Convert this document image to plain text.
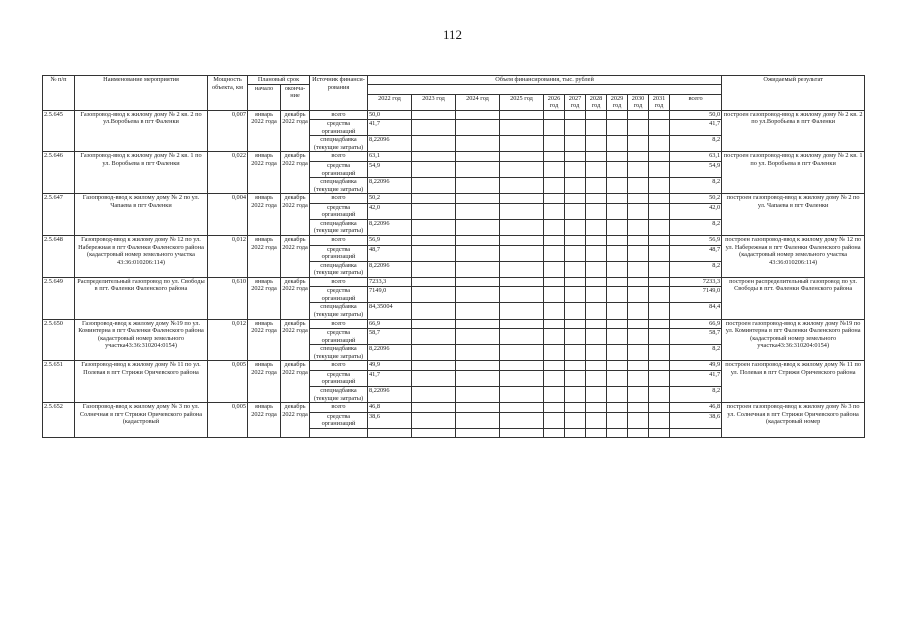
112
№ п/п	Наименование мероприятия	Мощность объекта, км	Плановый срок		Источник финанси-рования	Объем финансирования, тыс. рублей											Ожидаемый результат
			начало	оконча-ние													
						2022 год	2023 год	2024 год	2025 год	2026 год	2027 год	2028 год	2029 год	2030 год	2031 год	всего	
2.5.645	Газопровод-ввод к жилому дому № 2 кв. 2 по ул.Воробьева в пгт Фаленки	0,007	январь 2022 года	декабрь 2022 года	всего	50,0										50,0	построен газопровод-ввод к жилому дому № 2 кв. 2 по ул.Воробьева в пгт Фаленки
					средства организаций	41,7										41,7	
					спецнадбавка (текущие затраты)	8,22096										8,2	
2.5.646	Газопровод-ввод к жилому дому № 2 кв. 1 по ул. Воробьева в пгт Фаленки	0,022	январь 2022 года	декабрь 2022 года	всего	63,1										63,1	построен газопровод-ввод к жилому дому № 2 кв. 1 по ул. Воробьева в пгт Фаленки
					средства организаций	54,9										54,9	
					спецнадбавка (текущие затраты)	8,22096										8,2	
2.5.647	Газопровод-ввод к жилому дому № 2 по ул. Чапаева в пгт Фаленки	0,004	январь 2022 года	декабрь 2022 года	всего	50,2										50,2	построен газопровод-ввод к жилому дому № 2 по ул. Чапаева в пгт Фаленки
					средства организаций	42,0										42,0	
					спецнадбавка (текущие затраты)	8,22096										8,2	
2.5.648	Газопровод-ввод к жилому дому № 12 по ул. Набережная в пгт Фаленки Фаленского района (кадастровый номер земельного участка 43:36:010206:114)	0,012	январь 2022 года	декабрь 2022 года	всего	56,9										56,9	построен газопровод-ввод к жилому дому № 12 по ул. Набережная в пгт Фаленки Фаленского района (кадастровый номер земельного участка 43:36:010206:114)
					средства организаций	48,7										48,7	
					спецнадбавка (текущие затраты)	8,22096										8,2	
2.5.649	Распределительный газопровод по ул. Свободы в пгт. Фаленки Фаленского района	0,610	январь 2022 года	декабрь 2022 года	всего	7233,3										7233,3	построен распределительный газопровод по ул. Свободы в пгт. Фаленки Фаленского района
					средства организаций	7149,0										7149,0	
					спецнадбавка (текущие затраты)	84,35004										84,4	
2.5.650	Газопровод-ввод к жилому дому №19 по ул. Коминтерна в пгт Фаленки Фаленского района (кадастровый номер земельного участка43:36:310204:0154)	0,012	январь 2022 года	декабрь 2022 года	всего	66,9										66,9	построен газопровод-ввод к жилому дому №19 по ул. Коминтерна в пгт Фаленки Фаленского района (кадастровый номер земельного участка43:36:310204:0154)
					средства организаций	58,7										58,7	
					спецнадбавка (текущие затраты)	8,22096										8,2	
2.5.651	Газопровод-ввод к жилому дому № 11 по ул. Полевая в пгт Стрижи Оричевского района	0,005	январь 2022 года	декабрь 2022 года	всего	49,9										49,9	построен газопровод-ввод к жилому дому № 11 по ул. Полевая в пгт Стрижи Оричевского района
					средства организаций	41,7										41,7	
					спецнадбавка (текущие затраты)	8,22096										8,2	
2.5.652	Газопровод-ввод к жилому дому № 3 по ул. Солнечная в пгт Стрижи Оричевского района (кадастровый	0,005	январь 2022 года	декабрь 2022 года	всего	46,8										46,8	построен газопровод-ввод к жилому дому № 3 по ул. Солнечная в пгт Стрижи Оричевского района (кадастровый номер
					средства организаций	38,6										38,6	
